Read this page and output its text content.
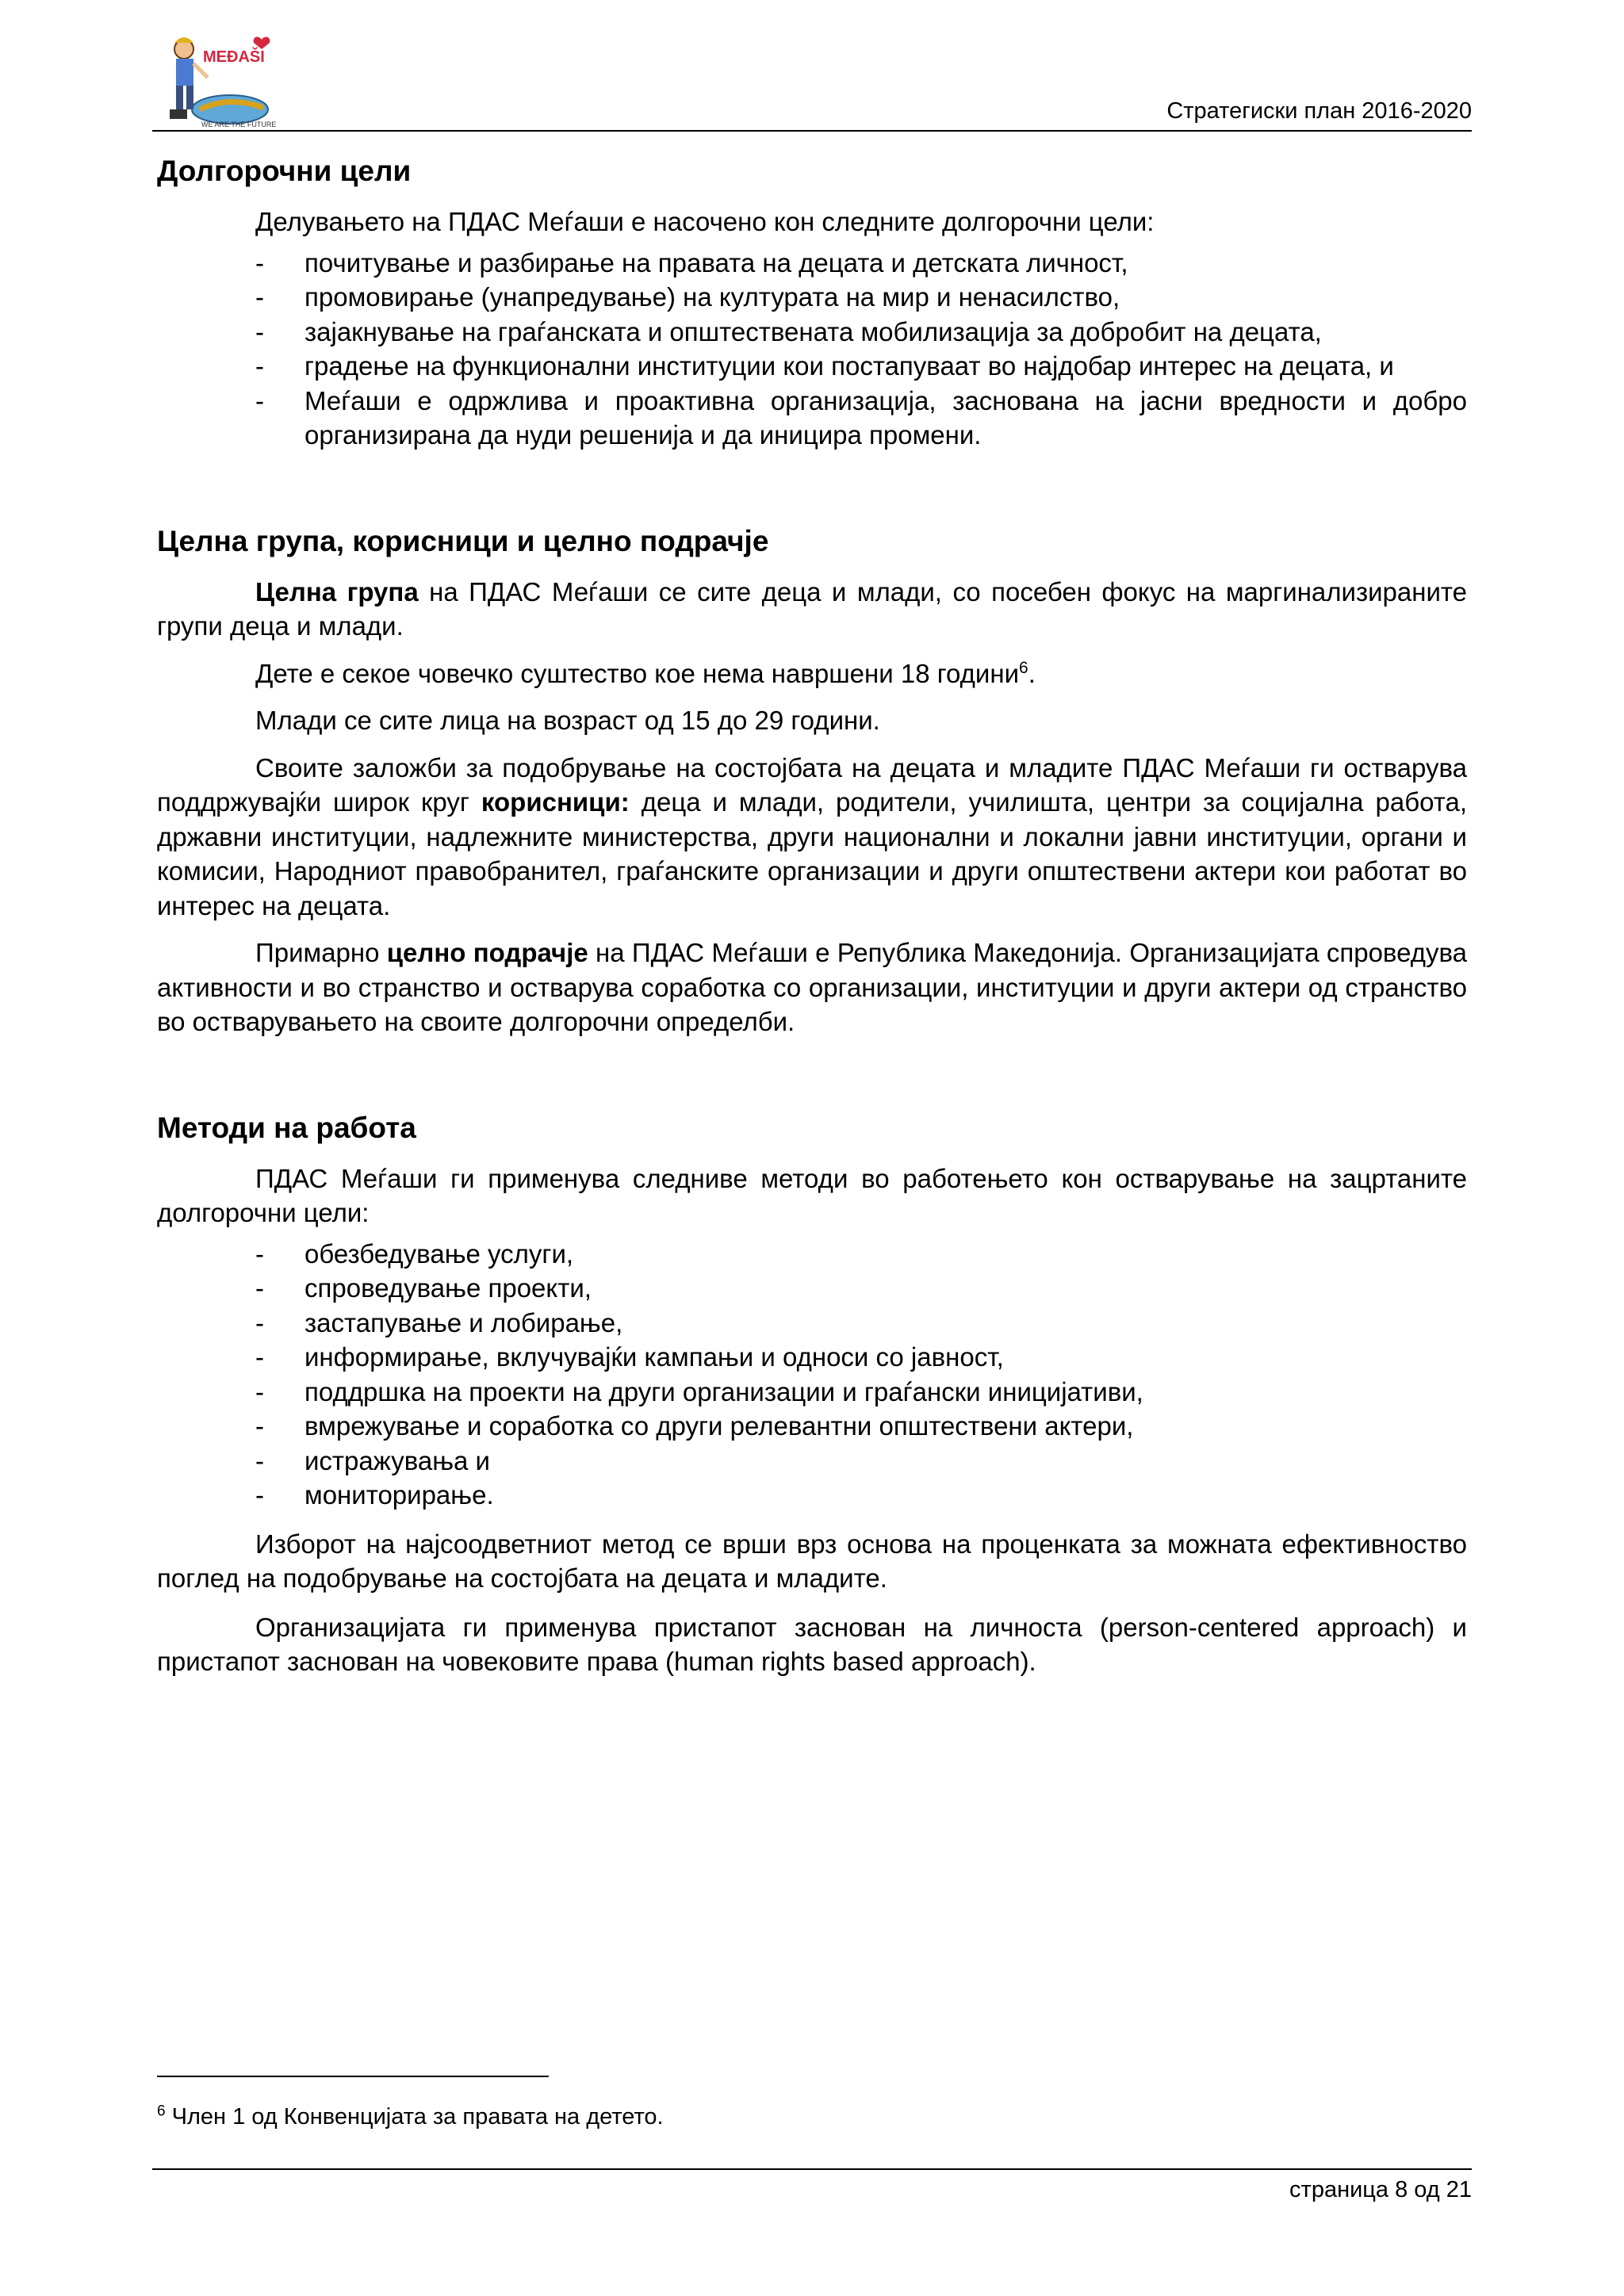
MEĐAŠI
WE ARE THE FUTURE
Стратегиски план 2016-2020
Долгорочни цели

Делувањето на ПДАС Меѓаши е насочено кон следните долгорочни цели:

- почитување и разбирање на правата на децата и детската личност,
- промовирање (унапредување) на културата на мир и ненасилство,
- зајакнување на граѓанската и општествената мобилизација за добробит на децата,
- градење на функционални институции кои постапуваат во најдобар интерес на децата, и
- Меѓаши е одржлива и проактивна организација, заснована на јасни вредности и добро организирана да нуди решенија и да иницира промени.
Целна група, корисници и целно подрачје

Целна група на ПДАС Меѓаши се сите деца и млади, со посебен фокус на маргинализираните групи деца и млади.

Дете е секое човечко суштество кое нема навршени 18 години$^6$.

Млади се сите лица на возраст од 15 до 29 години.

Своите заложби за подобрување на состојбата на децата и младите ПДАС Меѓаши ги остварува поддржувајќи широк круг корисници: деца и млади, родители, училишта, центри за социјална работа, државни институции, надлежните министерства, други национални и локални јавни институции, органи и комисии, Народниот правобранител, граѓанските организации и други општествени актери кои работат во интерес на децата.

Примарно целно подрачје на ПДАС Меѓаши е Република Македонија. Организацијата спроведува активности и во странство и остварува соработка со организации, институции и други актери од странство во остварувањето на своите долгорочни определби.

Методи на работа

ПДАС Меѓаши ги применува следниве методи во работењето кон остварување на зацртаните долгорочни цели:

- обезбедување услуги,
- спроведување проекти,
- застапување и лобирање,
- информирање, вклучувајќи кампањи и односи со јавност,
- поддршка на проекти на други организации и граѓански иницијативи,
- вмрежување и соработка со други релевантни општествени актери,
- истражувања и
- мониторирање.

Изборот на најсоодветниот метод се врши врз основа на проценката за можната ефективноство поглед на подобрување на состојбата на децата и младите.

Организацијата ги применува пристапот заснован на личноста (person-centered approach) и пристапот заснован на човековите права (human rights based approach).

$^6$ Член 1 од Конвенцијата за правата на детето.
страница 8 од 21
